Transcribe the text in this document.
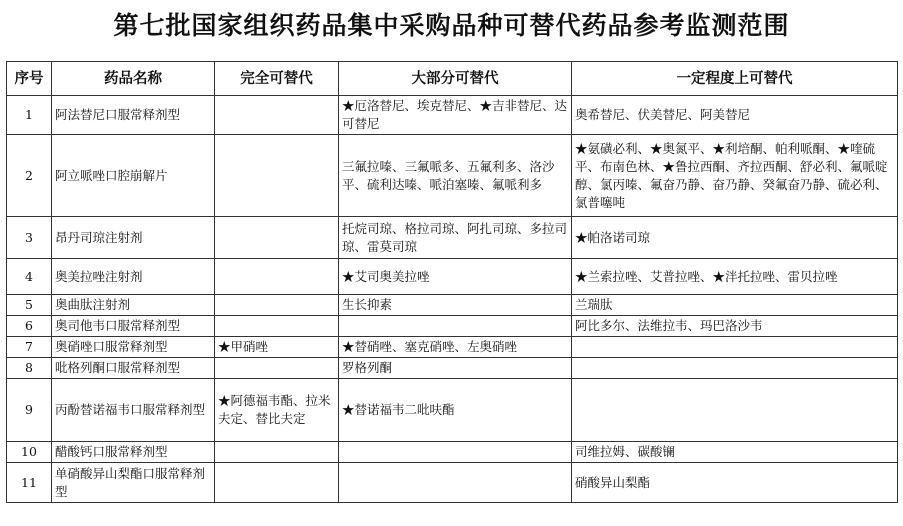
第七批国家组织药品集中采购品种可替代药品参考监测范围
序号	药品名称	完全可替代	大部分可替代	一定程度上可替代
1	阿法替尼口服常释剂型		★厄洛替尼、埃克替尼、★吉非替尼、达可替尼	奥希替尼、伏美替尼、阿美替尼
2	阿立哌唑口腔崩解片		三氟拉嗪、三氟哌多、五氟利多、洛沙平、硫利达嗪、哌泊塞嗪、氟哌利多	★氨磺必利、★奥氮平、★利培酮、帕利哌酮、★喹硫平、布南色林、★鲁拉西酮、齐拉西酮、舒必利、氟哌啶醇、氯丙嗪、氟奋乃静、奋乃静、癸氟奋乃静、硫必利、氯普噻吨
3	昂丹司琼注射剂		托烷司琼、格拉司琼、阿扎司琼、多拉司琼、雷莫司琼	★帕洛诺司琼
4	奥美拉唑注射剂		★艾司奥美拉唑	★兰索拉唑、艾普拉唑、★泮托拉唑、雷贝拉唑
5	奥曲肽注射剂		生长抑素	兰瑞肽
6	奥司他韦口服常释剂型			阿比多尔、法维拉韦、玛巴洛沙韦
7	奥硝唑口服常释剂型	★甲硝唑	★替硝唑、塞克硝唑、左奥硝唑	
8	吡格列酮口服常释剂型		罗格列酮	
9	丙酚替诺福韦口服常释剂型	★阿德福韦酯、拉米夫定、替比夫定	★替诺福韦二吡呋酯	
10	醋酸钙口服常释剂型			司维拉姆、碳酸镧
11	单硝酸异山梨酯口服常释剂型			硝酸异山梨酯
